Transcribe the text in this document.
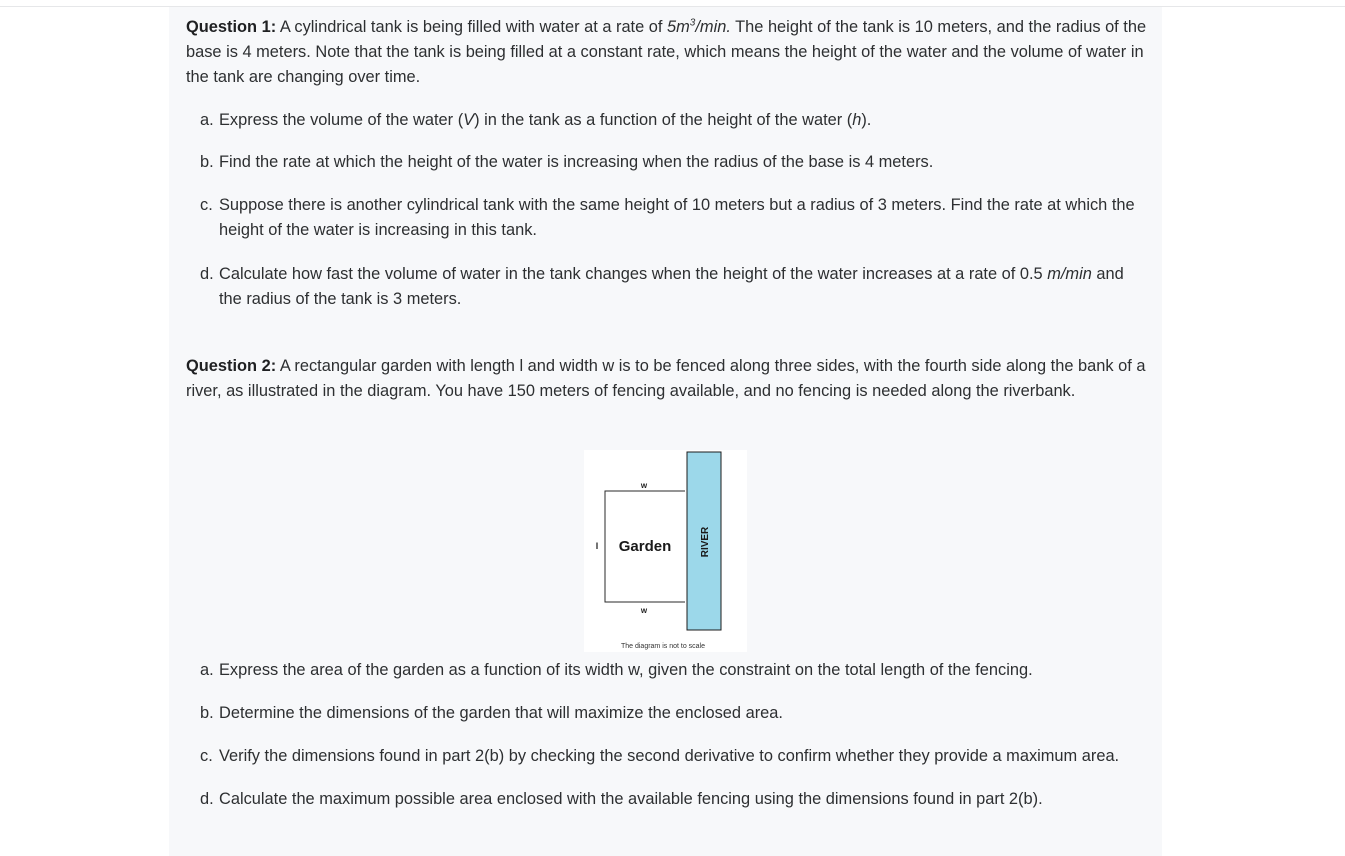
Question 1: A cylindrical tank is being filled with water at a rate of $5m^3/\min$. The height of the tank is 10 meters, and the radius of the base is 4 meters. Note that the tank is being filled at a constant rate, which means the height of the water and the volume of water in the tank are changing over time.

a. Express the volume of the water (V) in the tank as a function of the height of the water (h).
b. Find the rate at which the height of the water is increasing when the radius of the base is 4 meters.
c. Suppose there is another cylindrical tank with the same height of 10 meters but a radius of 3 meters. Find the rate at which the height of the water is increasing in this tank.
d. Calculate how fast the volume of water in the tank changes when the height of the water increases at a rate of 0.5 m/min and the radius of the tank is 3 meters.

Question 2: A rectangular garden with length l and width w is to be fenced along three sides, with the fourth side along the bank of a river, as illustrated in the diagram. You have 150 meters of fencing available, and no fencing is needed along the riverbank.

a. Express the area of the garden as a function of its width w, given the constraint on the total length of the fencing.
b. Determine the dimensions of the garden that will maximize the enclosed area.
c. Verify the dimensions found in part 2(b) by checking the second derivative to confirm whether they provide a maximum area.
d. Calculate the maximum possible area enclosed with the available fencing using the dimensions found in part 2(b).
w
w
l Garden	RIVER
The diagram is not to scale
